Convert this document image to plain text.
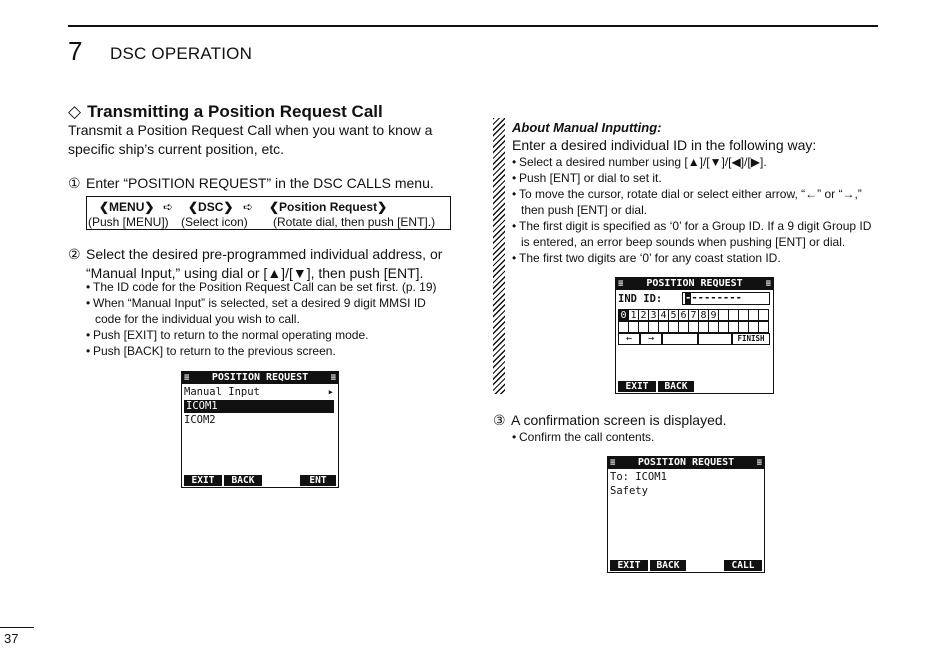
7 DSC OPERATION
◇ Transmitting a Position Request Call
Transmit a Position Request Call when you want to know a
specific ship’s current position, etc.
① Enter “POSITION REQUEST” in the DSC CALLS menu.
❮MENU❯ ➪ ❮DSC❯ ➪ ❮Position Request❯
(Push [MENU]) (Select icon) (Rotate dial, then push [ENT].)
② Select the desired pre-programmed individual address, or
“Manual Input,” using dial or [▲]/[▼], then push [ENT].
• The ID code for the Position Request Call can be set first. (p. 19)
• When “Manual Input” is selected, set a desired 9 digit MMSI ID
code for the individual you wish to call.
• Push [EXIT] to return to the normal operating mode.
• Push [BACK] to return to the previous screen.
≡ POSITION REQUEST ≡
Manual Input	▸
ICOM1
ICOM2
EXIT	BACK	ENT
About Manual Inputting:
Enter a desired individual ID in the following way:
• Select a desired number using [▲]/[▼]/[◀]/[▶].
• Push [ENT] or dial to set it.
• To move the cursor, rotate dial or select either arrow, “←” or “→,”
then push [ENT] or dial.
• The first digit is specified as ‘0’ for a Group ID. If a 9 digit Group ID
is entered, an error beep sounds when pushing [ENT] or dial.
• The first two digits are ‘0’ for any coast station ID.
≡ POSITION REQUEST	≡
IND ID: ---------
←	→	FINISH
EXIT	BACK
0 1 2 3 4 5 6 7 8 9
③ A confirmation screen is displayed.
• Confirm the call contents.
≡ POSITION REQUEST ≡
To: ICOM1
Safety
EXIT	BACK	CALL
37
